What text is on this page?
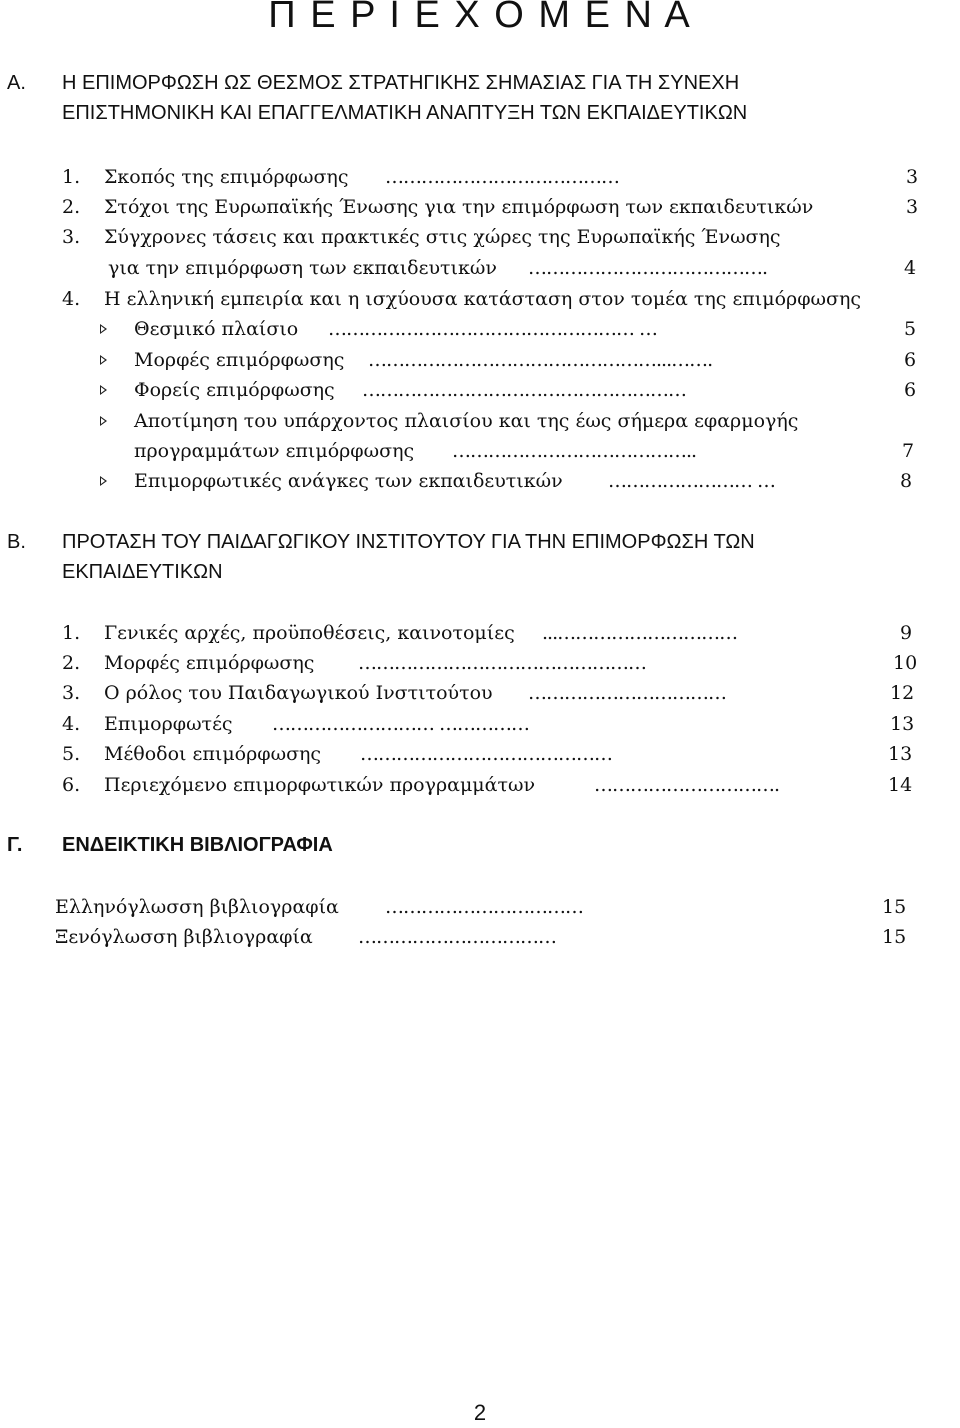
Π Ε Ρ Ι Ε Χ Ο Μ Ε Ν Α
Α. Η ΕΠΙΜΟΡΦΩΣΗ ΩΣ ΘΕΣΜΟΣ ΣΤΡΑΤΗΓΙΚΗΣ ΣΗΜΑΣΙΑΣ ΓΙΑ ΤΗ ΣΥΝΕΧΗ
ΕΠΙΣΤΗΜΟΝΙΚΗ ΚΑΙ ΕΠΑΓΓΕΛΜΑΤΙΚΗ ΑΝΑΠΤΥΞΗ ΤΩΝ ΕΚΠΑΙΔΕΥΤΙΚΩΝ
1. Σκοπός της επιμόρφωσης …………………………………	3
2. Στόχοι της Ευρωπαϊκής Ένωσης για την επιμόρφωση των εκπαιδευτικών	3
3. Σύγχρονες τάσεις και πρακτικές στις χώρες της Ευρωπαϊκής Ένωσης
για την επιμόρφωση των εκπαιδευτικών ………………………………….	4
4. Η ελληνική εμπειρία και η ισχύουσα κατάσταση στον τομέα της επιμόρφωσης
Θεσμικό πλαίσιο …………………………………………… …	5
Μορφές επιμόρφωσης …………………………………………...…….	6
Φορείς επιμόρφωσης ………………………………………………	6
Αποτίμηση του υπάρχοντος πλαισίου και της έως σήμερα εφαρμογής
προγραμμάτων επιμόρφωσης …………………………………..	7
Επιμορφωτικές ανάγκες των εκπαιδευτικών …………………… …	8
Β. ΠΡΟΤΑΣΗ ΤΟΥ ΠΑΙΔΑΓΩΓΙΚΟΥ ΙΝΣΤΙΤΟΥΤΟΥ ΓΙΑ ΤΗΝ ΕΠΙΜΟΡΦΩΣΗ ΤΩΝ
ΕΚΠΑΙΔΕΥΤΙΚΩΝ
1. Γενικές αρχές, προϋποθέσεις, καινοτομίες ...…………………………	9
2. Μορφές επιμόρφωσης …………………………………………	10
3. Ο ρόλος του Παιδαγωγικού Ινστιτούτου ……………………………	12
4. Επιμορφωτές ……………………… ……………	13
5. Μέθοδοι επιμόρφωσης ……………………………………	13
6. Περιεχόμενο επιμορφωτικών προγραμμάτων	………………………….	14
Γ. ΕΝΔΕΙΚΤΙΚΗ ΒΙΒΛΙΟΓΡΑΦΙΑ
Ελληνόγλωσση βιβλιογραφία ……………………………	15
Ξενόγλωσση βιβλιογραφία ……………………………	15
2
